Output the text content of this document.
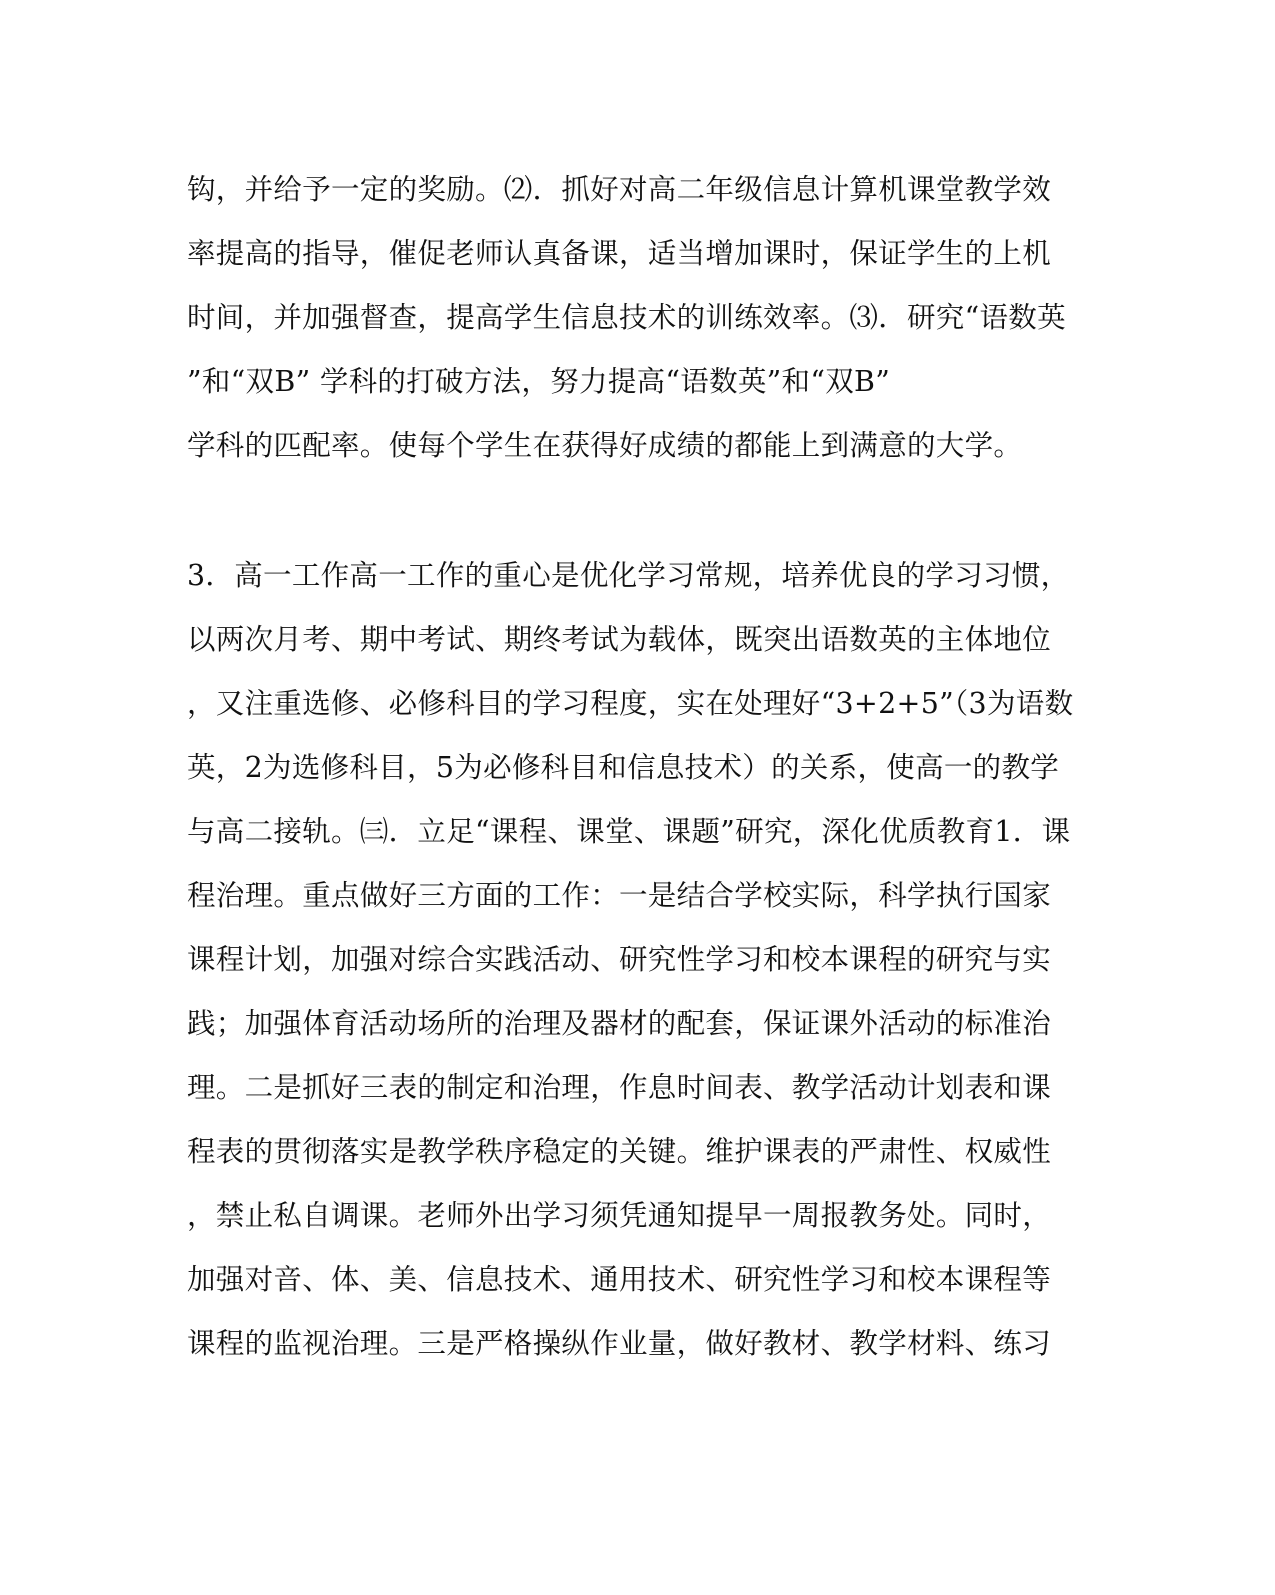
钩，并给予一定的奖励。⑵．抓好对高二年级信息计算机课堂教学效
率提高的指导，催促老师认真备课，适当增加课时，保证学生的上机
时间，并加强督查，提高学生信息技术的训练效率。⑶．研究“语数英
”和“双B” 学科的打破方法，努力提高“语数英”和“双B”
学科的匹配率。使每个学生在获得好成绩的都能上到满意的大学。
3．高一工作高一工作的重心是优化学习常规，培养优良的学习习惯，
以两次月考、期中考试、期终考试为载体，既突出语数英的主体地位
，又注重选修、必修科目的学习程度，实在处理好“3+2+5”（3为语数
英，2为选修科目，5为必修科目和信息技术）的关系，使高一的教学
与高二接轨。㈢．立足“课程、课堂、课题”研究，深化优质教育1．课
程治理。重点做好三方面的工作：一是结合学校实际，科学执行国家
课程计划，加强对综合实践活动、研究性学习和校本课程的研究与实
践；加强体育活动场所的治理及器材的配套，保证课外活动的标准治
理。二是抓好三表的制定和治理，作息时间表、教学活动计划表和课
程表的贯彻落实是教学秩序稳定的关键。维护课表的严肃性、权威性
，禁止私自调课。老师外出学习须凭通知提早一周报教务处。同时，
加强对音、体、美、信息技术、通用技术、研究性学习和校本课程等
课程的监视治理。三是严格操纵作业量，做好教材、教学材料、练习
